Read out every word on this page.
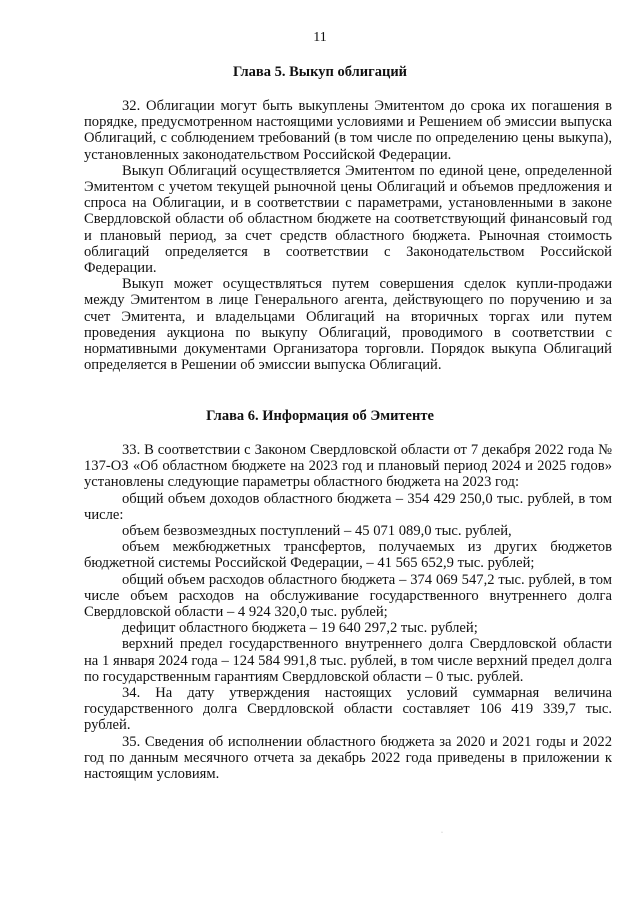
11
Глава 5. Выкуп облигаций

32. Облигации могут быть выкуплены Эмитентом до срока их погашения в порядке, предусмотренном настоящими условиями и Решением об эмиссии выпуска Облигаций, с соблюдением требований (в том числе по определению цены выкупа), установленных законодательством Российской Федерации.

Выкуп Облигаций осуществляется Эмитентом по единой цене, определенной Эмитентом с учетом текущей рыночной цены Облигаций и объемов предложения и спроса на Облигации, и в соответствии с параметрами, установленными в законе Свердловской области об областном бюджете на соответствующий финансовый год и плановый период, за счет средств областного бюджета. Рыночная стоимость облигаций определяется в соответствии с Законодательством Российской Федерации.

Выкуп может осуществляться путем совершения сделок купли-продажи между Эмитентом в лице Генерального агента, действующего по поручению и за счет Эмитента, и владельцами Облигаций на вторичных торгах или путем проведения аукциона по выкупу Облигаций, проводимого в соответствии с нормативными документами Организатора торговли. Порядок выкупа Облигаций определяется в Решении об эмиссии выпуска Облигаций.

Глава 6. Информация об Эмитенте

33. В соответствии с Законом Свердловской области от 7 декабря 2022 года № 137-ОЗ «Об областном бюджете на 2023 год и плановый период 2024 и 2025 годов» установлены следующие параметры областного бюджета на 2023 год:

общий объем доходов областного бюджета – 354 429 250,0 тыс. рублей, в том числе:

объем безвозмездных поступлений – 45 071 089,0 тыс. рублей,

объем межбюджетных трансфертов, получаемых из других бюджетов бюджетной системы Российской Федерации, – 41 565 652,9 тыс. рублей;

общий объем расходов областного бюджета – 374 069 547,2 тыс. рублей, в том числе объем расходов на обслуживание государственного внутреннего долга Свердловской области – 4 924 320,0 тыс. рублей;

дефицит областного бюджета – 19 640 297,2 тыс. рублей;

верхний предел государственного внутреннего долга Свердловской области на 1 января 2024 года – 124 584 991,8 тыс. рублей, в том числе верхний предел долга по государственным гарантиям Свердловской области – 0 тыс. рублей.

34. На дату утверждения настоящих условий суммарная величина государственного долга Свердловской области составляет 106 419 339,7 тыс. рублей.

35. Сведения об исполнении областного бюджета за 2020 и 2021 годы и 2022 год по данным месячного отчета за декабрь 2022 года приведены в приложении к настоящим условиям.

·
